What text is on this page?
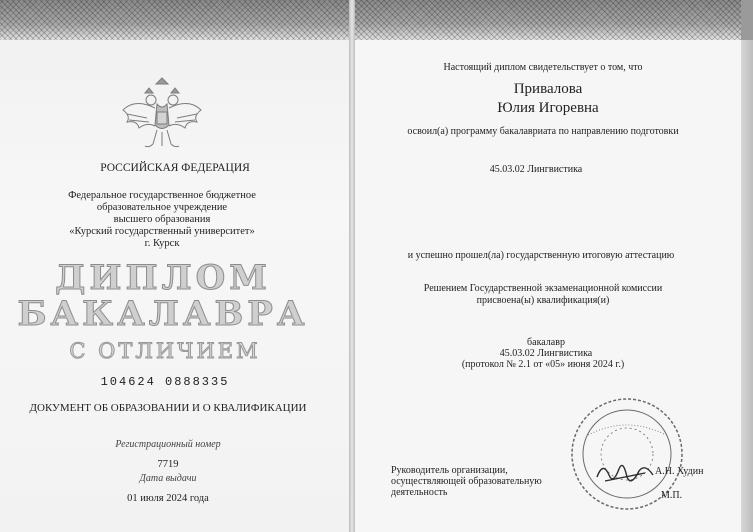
РОССИЙСКАЯ ФЕДЕРАЦИЯ
Федеральное государственное бюджетное
образовательное учреждение
высшего образования
«Курский государственный университет»
г. Курск
ДИПЛОМ
БАКАЛАВРА
С ОТЛИЧИЕМ
104624 0888335
ДОКУМЕНТ ОБ ОБРАЗОВАНИИ И О КВАЛИФИКАЦИИ
Регистрационный номер
7719
Дата выдачи
01 июля 2024 года
Настоящий диплом свидетельствует о том, что
Привалова
Юлия Игоревна
освоил(а) программу бакалавриата по направлению подготовки
45.03.02 Лингвистика
и успешно прошел(ла) государственную итоговую аттестацию
Решением Государственной экзаменационной комиссии
присвоена(ы) квалификация(и)
бакалавр
45.03.02 Лингвистика
(протокол № 2.1 от «05» июня 2024 г.)
Руководитель организации,
осуществляющей образовательную
деятельность
А.Н. Худин
М.П.
